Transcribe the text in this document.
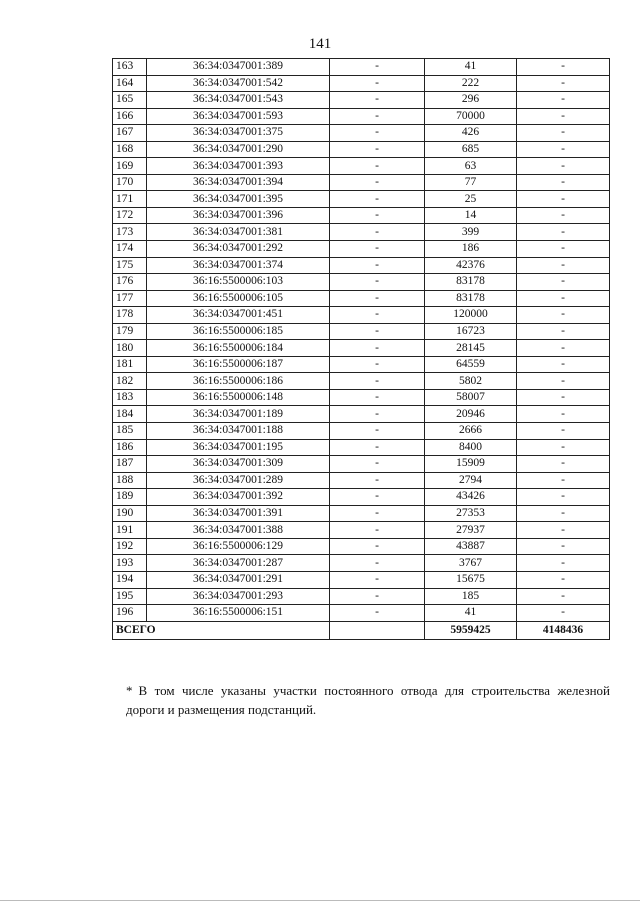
141
163	36:34:0347001:389	-	41	-
164	36:34:0347001:542	-	222	-
165	36:34:0347001:543	-	296	-
166	36:34:0347001:593	-	70000	-
167	36:34:0347001:375	-	426	-
168	36:34:0347001:290	-	685	-
169	36:34:0347001:393	-	63	-
170	36:34:0347001:394	-	77	-
171	36:34:0347001:395	-	25	-
172	36:34:0347001:396	-	14	-
173	36:34:0347001:381	-	399	-
174	36:34:0347001:292	-	186	-
175	36:34:0347001:374	-	42376	-
176	36:16:5500006:103	-	83178	-
177	36:16:5500006:105	-	83178	-
178	36:34:0347001:451	-	120000	-
179	36:16:5500006:185	-	16723	-
180	36:16:5500006:184	-	28145	-
181	36:16:5500006:187	-	64559	-
182	36:16:5500006:186	-	5802	-
183	36:16:5500006:148	-	58007	-
184	36:34:0347001:189	-	20946	-
185	36:34:0347001:188	-	2666	-
186	36:34:0347001:195	-	8400	-
187	36:34:0347001:309	-	15909	-
188	36:34:0347001:289	-	2794	-
189	36:34:0347001:392	-	43426	-
190	36:34:0347001:391	-	27353	-
191	36:34:0347001:388	-	27937	-
192	36:16:5500006:129	-	43887	-
193	36:34:0347001:287	-	3767	-
194	36:34:0347001:291	-	15675	-
195	36:34:0347001:293	-	185	-
196	36:16:5500006:151	-	41	-
ВСЕГО			5959425	4148436
* В том числе указаны участки постоянного отвода для строительства железной дороги и размещения подстанций.
